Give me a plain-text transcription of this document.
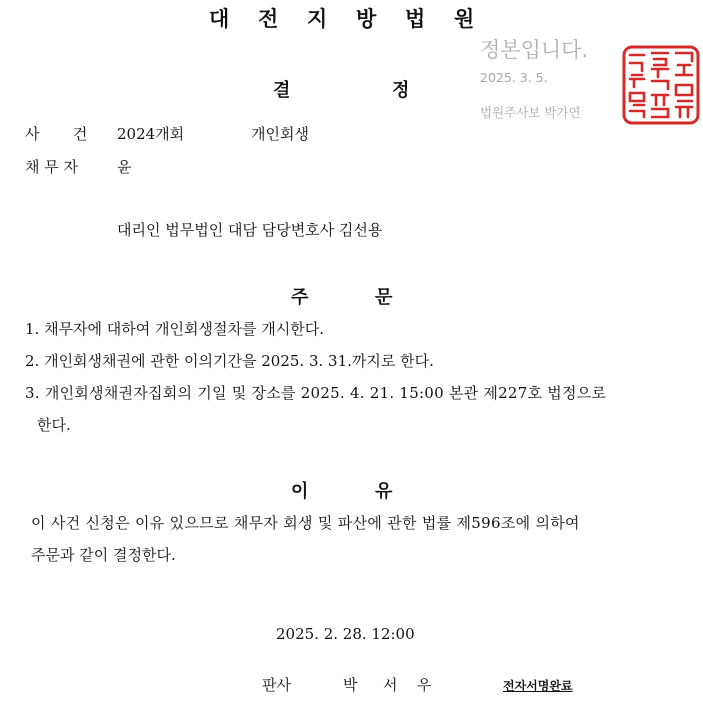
대 전 지 방 법 원
정본입니다.
2025. 3. 5.
법원주사보 박가연
결	정
사       건 2024개회	개인회생
채 무 자	윤
대리인 법무법인 대담 담당변호사 김선용
주	문
1. 채무자에 대하여 개인회생절차를 개시한다.
2. 개인회생채권에 관한 이의기간을 2025. 3. 31.까지로 한다.
3. 개인회생채권자집회의 기일 및 장소를 2025. 4. 21. 15:00 본관 제227호 법정으로
한다.
이	유
이 사건 신청은 이유 있으므로 채무자 회생 및 파산에 관한 법률 제596조에 의하여
주문과 같이 결정한다.
2025. 2. 28. 12:00
판사	박 서 우	전자서명완료
